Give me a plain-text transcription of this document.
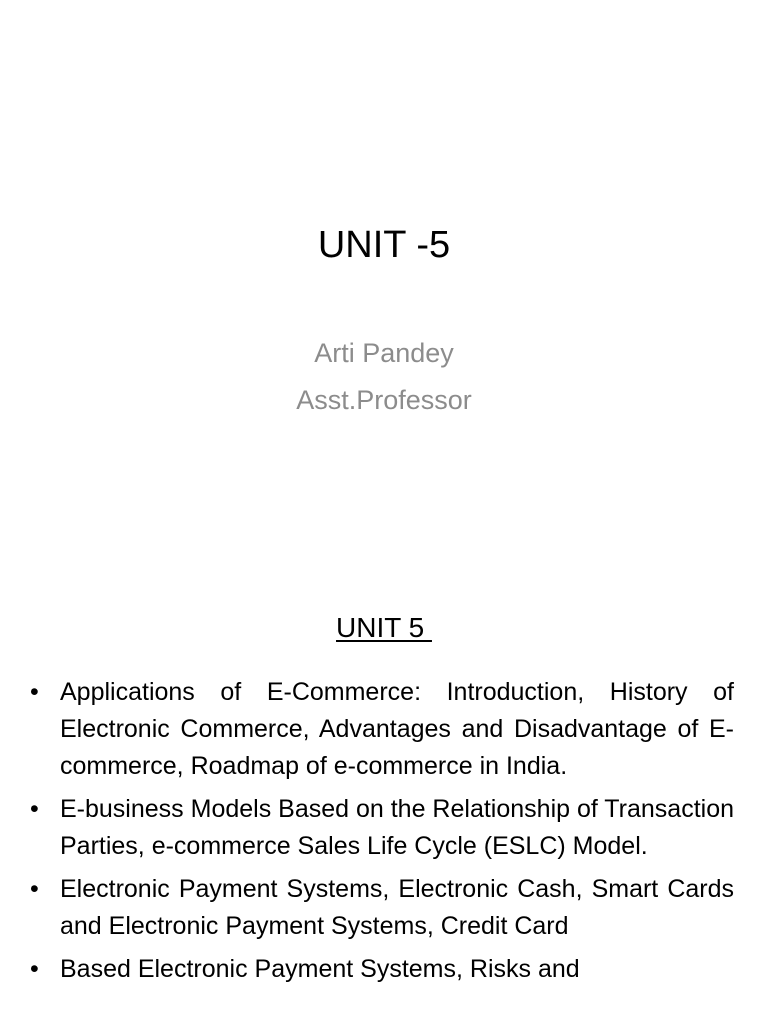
UNIT -5
Arti Pandey
Asst.Professor
UNIT 5
• Applications of E-Commerce: Introduction, History of Electronic Commerce, Advantages and Disadvantage of E-commerce, Roadmap of e-commerce in India.
• E-business Models Based on the Relationship of Transaction Parties, e-commerce Sales Life Cycle (ESLC) Model.
• Electronic Payment Systems, Electronic Cash, Smart Cards and Electronic Payment Systems, Credit Card
• Based Electronic Payment Systems, Risks and
